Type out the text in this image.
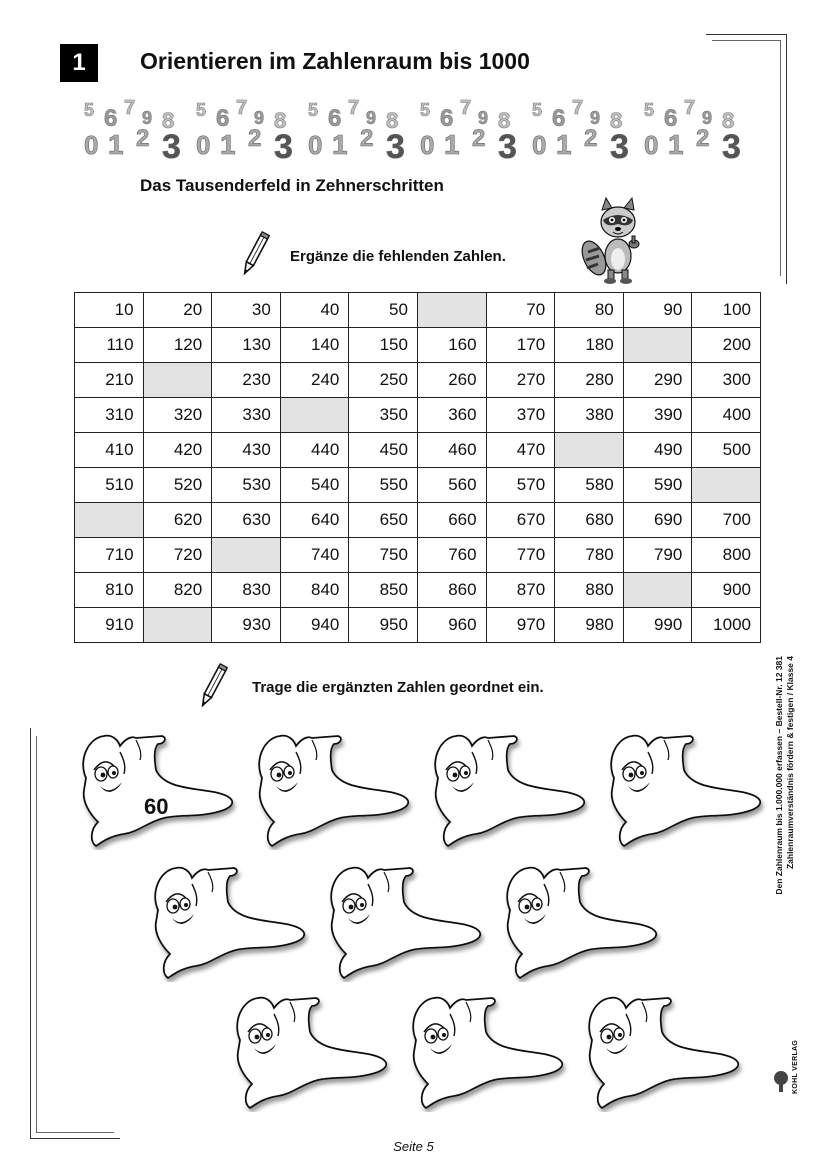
1	Orientieren im Zahlenraum bis 1000
5 6 7 9 8
0 1 2 3
5 6 7 9 8
0 1 2 3
5 6 7 9 8
0 1 2 3
5 6 7 9 8
0 1 2 3
5 6 7 9 8
0 1 2 3
5 6 7 9 8
0 1 2 3
Das Tausenderfeld in Zehnerschritten
Ergänze die fehlenden Zahlen.
10	20	30	40	50		70	80	90	100
110	120	130	140	150	160	170	180		200
210		230	240	250	260	270	280	290	300
310	320	330		350	360	370	380	390	400
410	420	430	440	450	460	470		490	500
510	520	530	540	550	560	570	580	590	
	620	630	640	650	660	670	680	690	700
710	720		740	750	760	770	780	790	800
810	820	830	840	850	860	870	880		900
910		930	940	950	960	970	980	990	1000
Trage die ergänzten Zahlen geordnet ein.
60	Den Zahlenraum bis 1.000.000 erfassen – Bestell-Nr. 12 381 Zahlenraumverständnis fördern & festigen / Klasse 4
KOHL VERLAG
Seite 5
